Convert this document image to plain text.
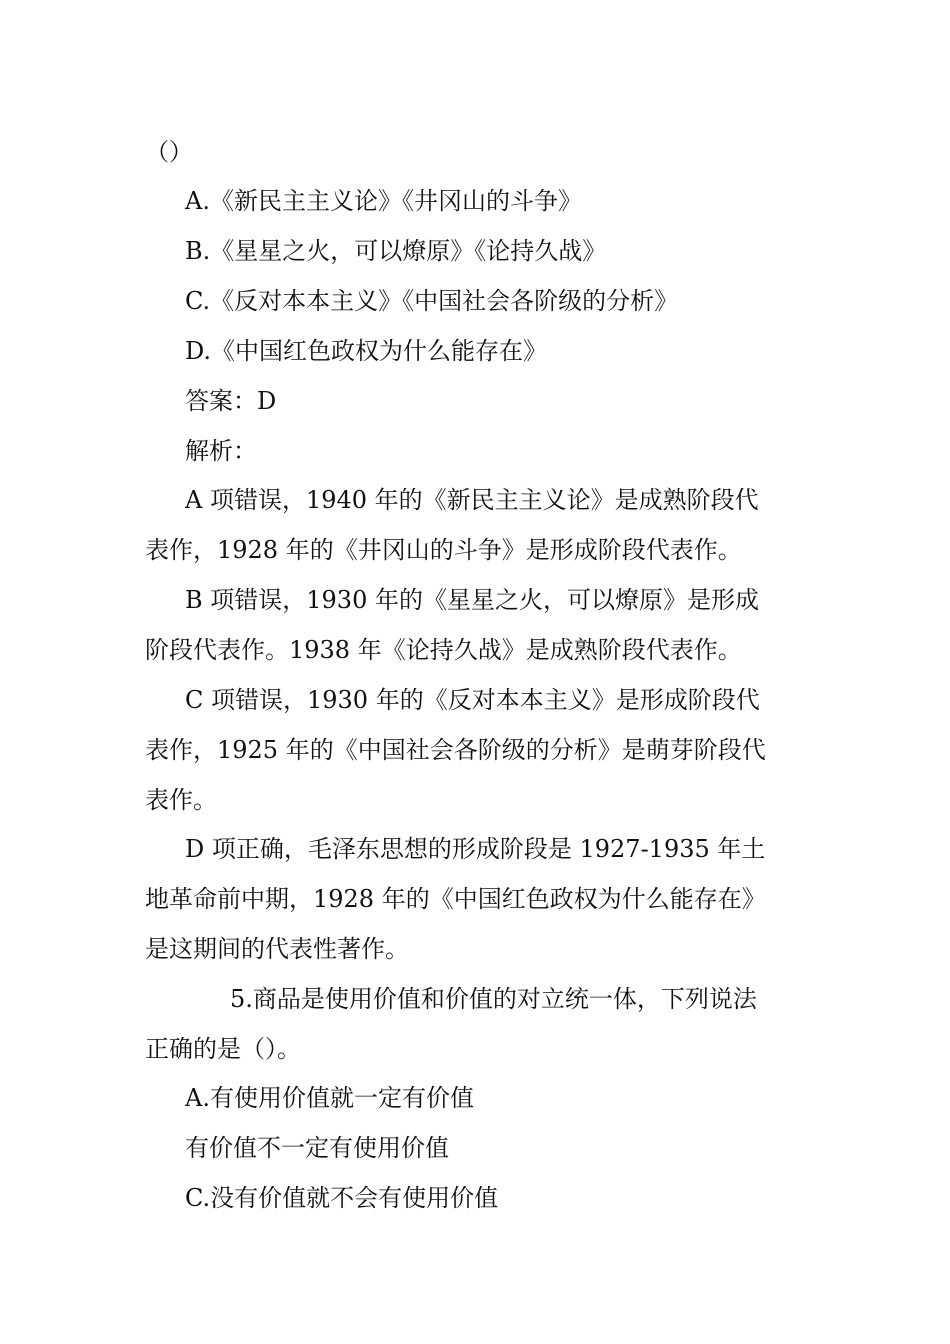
（）
A.《新民主主义论》《井冈山的斗争》
B.《星星之火，可以燎原》《论持久战》
C.《反对本本主义》《中国社会各阶级的分析》
D.《中国红色政权为什么能存在》
答案：D
解析：
A 项错误，1940 年的《新民主主义论》是成熟阶段代
表作，1928 年的《井冈山的斗争》是形成阶段代表作。
B 项错误，1930 年的《星星之火，可以燎原》是形成
阶段代表作。1938 年《论持久战》是成熟阶段代表作。
C 项错误，1930 年的《反对本本主义》是形成阶段代
表作，1925 年的《中国社会各阶级的分析》是萌芽阶段代
表作。
D 项正确，毛泽东思想的形成阶段是 1927-1935 年土
地革命前中期，1928 年的《中国红色政权为什么能存在》
是这期间的代表性著作。
5.商品是使用价值和价值的对立统一体，下列说法
正确的是（）。
A.有使用价值就一定有价值
有价值不一定有使用价值
C.没有价值就不会有使用价值
